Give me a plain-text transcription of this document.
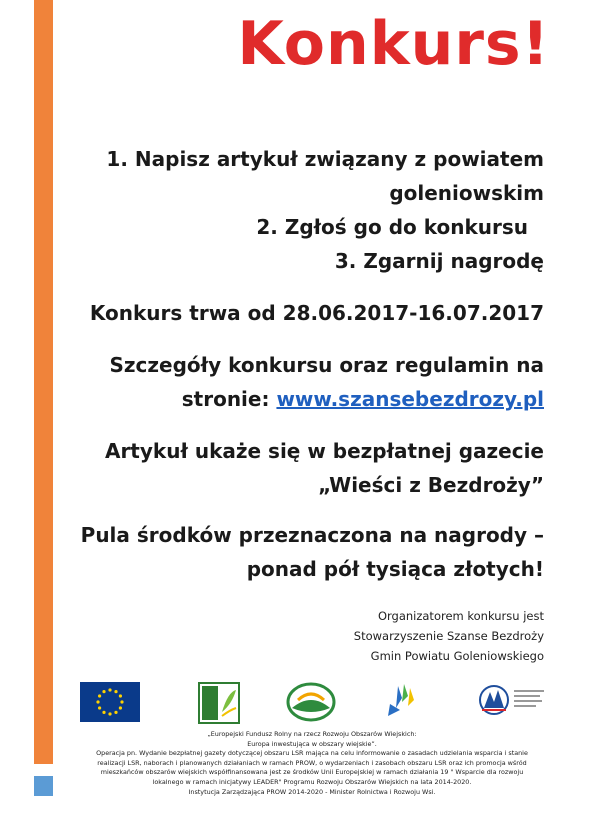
Konkurs!

1. Napisz artykuł związany z powiatem

goleniowskim

2. Zgłoś go do konkursu

3. Zgarnij nagrodę

Konkurs trwa od 28.06.2017-16.07.2017

Szczegóły konkursu oraz regulamin na

stronie: www.szansebezdrozy.pl

Artykuł ukaże się w bezpłatnej gazecie

„Wieści z Bezdroży”

Pula środków przeznaczona na nagrody –

ponad pół tysiąca złotych!

Organizatorem konkursu jest
Stowarzyszenie Szanse Bezdroży
Gmin Powiatu Goleniowskiego
„Europejski Fundusz Rolny na rzecz Rozwoju Obszarów Wiejskich:
Europa inwestująca w obszary wiejskie”.
Operacja pn. Wydanie bezpłatnej gazety dotyczącej obszaru LSR mająca na celu informowanie o zasadach udzielania wsparcia i stanie
realizacji LSR, naborach i planowanych działaniach w ramach PROW, o wydarzeniach i zasobach obszaru LSR oraz ich promocja wśród
mieszkańców obszarów wiejskich współfinansowana jest ze środków Unii Europejskiej w ramach działania 19 " Wsparcie dla rozwoju
lokalnego w ramach inicjatywy LEADER" Programu Rozwoju Obszarów Wiejskich na lata 2014-2020.
Instytucja Zarządzająca PROW 2014-2020 - Minister Rolnictwa i Rozwoju Wsi.
